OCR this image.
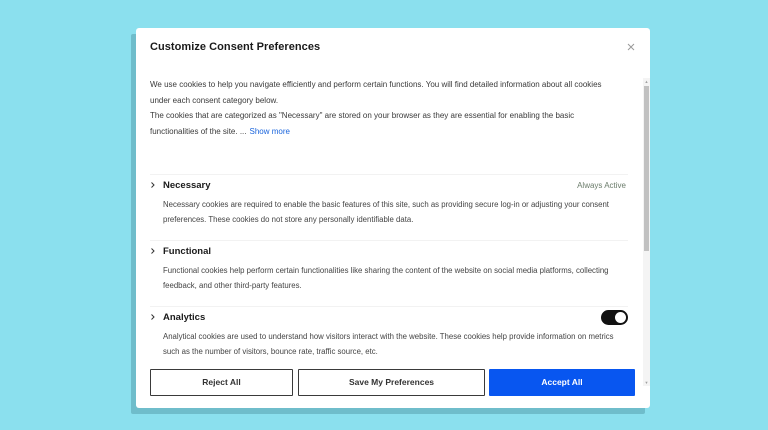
Customize Consent Preferences
We use cookies to help you navigate efficiently and perform certain functions. You will find detailed information about all cookies under each consent category below.
The cookies that are categorized as "Necessary" are stored on your browser as they are essential for enabling the basic functionalities of the site. ... Show more
Necessary	Always Active
Necessary cookies are required to enable the basic features of this site, such as providing secure log-in or adjusting your consent preferences. These cookies do not store any personally identifiable data.
Functional
Functional cookies help perform certain functionalities like sharing the content of the website on social media platforms, collecting feedback, and other third-party features.
Analytics
Analytical cookies are used to understand how visitors interact with the website. These cookies help provide information on metrics such as the number of visitors, bounce rate, traffic source, etc.
▲
▼
Reject All	Save My Preferences	Accept All
